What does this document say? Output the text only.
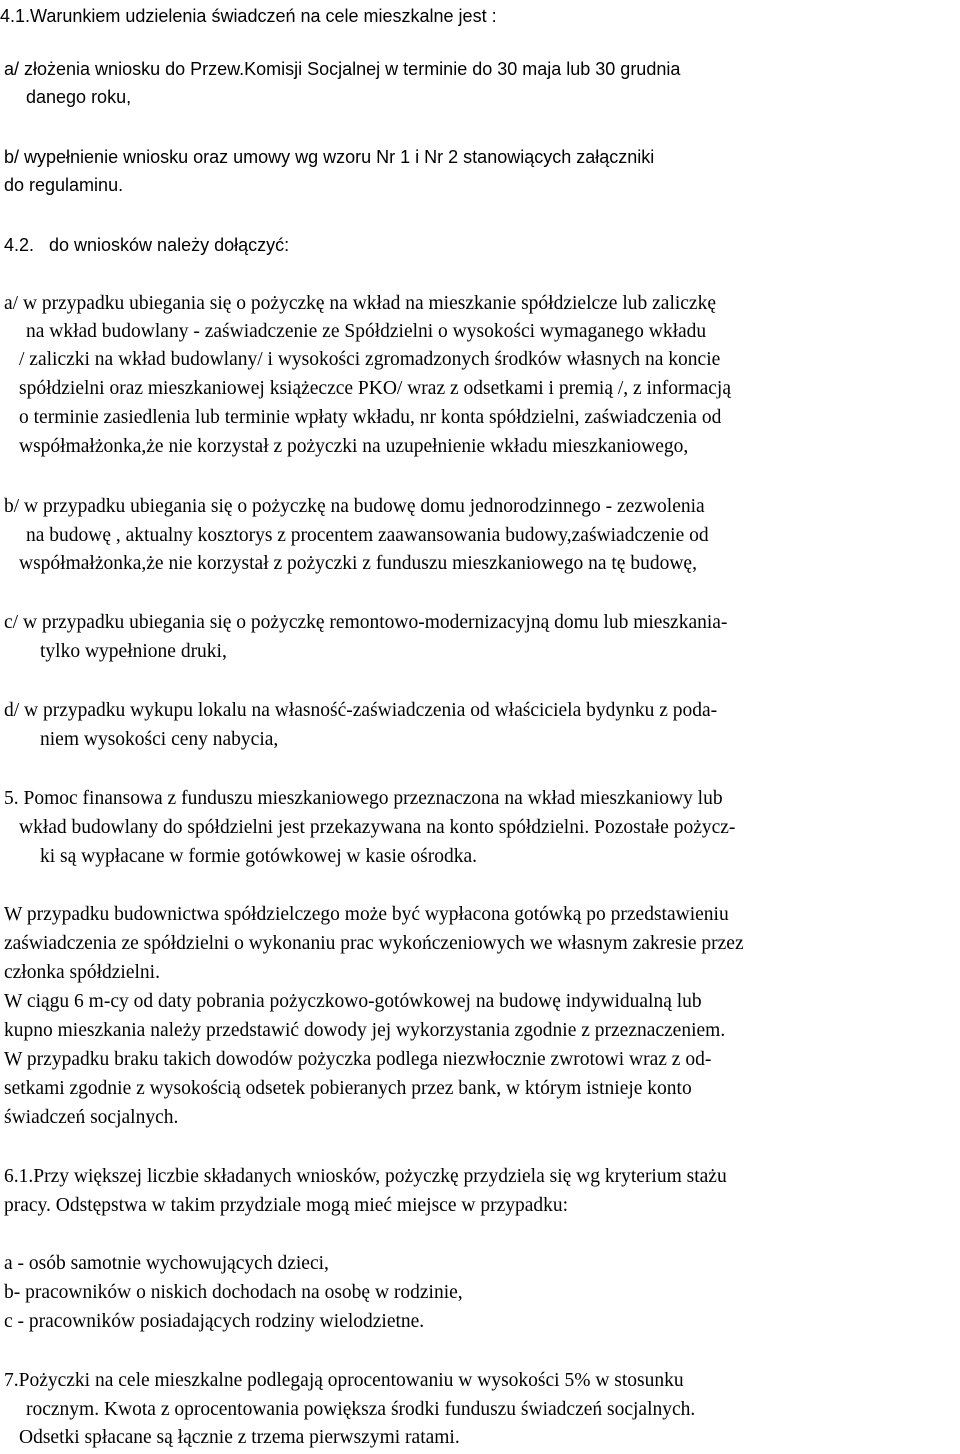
4.1.Warunkiem udzielenia świadczeń na cele mieszkalne jest :
a/ złożenia wniosku do Przew.Komisji Socjalnej w terminie do 30 maja lub 30 grudnia
danego roku,
b/ wypełnienie wniosku oraz umowy wg wzoru Nr 1 i Nr 2 stanowiących załączniki
do regulaminu.
4.2. do wniosków należy dołączyć:
a/ w przypadku ubiegania się o pożyczkę na wkład na mieszkanie spółdzielcze lub zaliczkę
na wkład budowlany - zaświadczenie ze Spółdzielni o wysokości wymaganego wkładu
/ zaliczki na wkład budowlany/ i wysokości zgromadzonych środków własnych na koncie
spółdzielni oraz mieszkaniowej książeczce PKO/ wraz z odsetkami i premią /, z informacją
o terminie zasiedlenia lub terminie wpłaty wkładu, nr konta spółdzielni, zaświadczenia od
współmałżonka,że nie korzystał z pożyczki na uzupełnienie wkładu mieszkaniowego,
b/ w przypadku ubiegania się o pożyczkę na budowę domu jednorodzinnego - zezwolenia
na budowę , aktualny kosztorys z procentem zaawansowania budowy,zaświadczenie od
współmałżonka,że nie korzystał z pożyczki z funduszu mieszkaniowego na tę budowę,
c/ w przypadku ubiegania się o pożyczkę remontowo-modernizacyjną domu lub mieszkania-
tylko wypełnione druki,
d/ w przypadku wykupu lokalu na własność-zaświadczenia od właściciela bydynku z poda-
niem wysokości ceny nabycia,
5. Pomoc finansowa z funduszu mieszkaniowego przeznaczona na wkład mieszkaniowy lub
wkład budowlany do spółdzielni jest przekazywana na konto spółdzielni. Pozostałe pożycz-
ki są wypłacane w formie gotówkowej w kasie ośrodka.
W przypadku budownictwa spółdzielczego może być wypłacona gotówką po przedstawieniu
zaświadczenia ze spółdzielni o wykonaniu prac wykończeniowych we własnym zakresie przez
członka spółdzielni.
W ciągu 6 m-cy od daty pobrania pożyczkowo-gotówkowej na budowę indywidualną lub
kupno mieszkania należy przedstawić dowody jej wykorzystania zgodnie z przeznaczeniem.
W przypadku braku takich dowodów pożyczka podlega niezwłocznie zwrotowi wraz z od-
setkami zgodnie z wysokością odsetek pobieranych przez bank, w którym istnieje konto
świadczeń socjalnych.
6.1.Przy większej liczbie składanych wniosków, pożyczkę przydziela się wg kryterium stażu
pracy. Odstępstwa w takim przydziale mogą mieć miejsce w przypadku:
a - osób samotnie wychowujących dzieci,
b- pracowników o niskich dochodach na osobę w rodzinie,
c - pracowników posiadających rodziny wielodzietne.
7.Pożyczki na cele mieszkalne podlegają oprocentowaniu w wysokości 5% w stosunku
rocznym. Kwota z oprocentowania powiększa środki funduszu świadczeń socjalnych.
Odsetki spłacane są łącznie z trzema pierwszymi ratami.
